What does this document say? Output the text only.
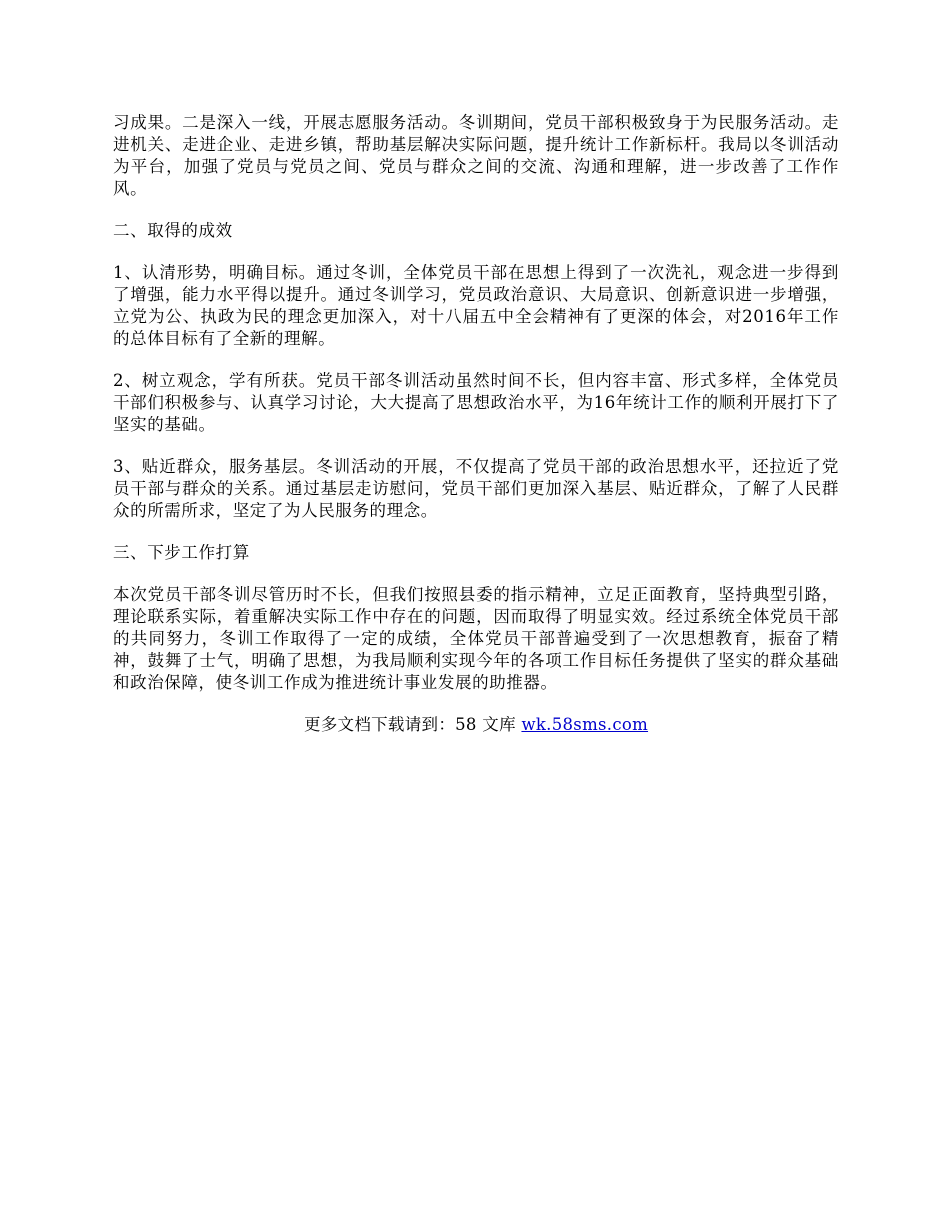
习成果。二是深入一线，开展志愿服务活动。冬训期间，党员干部积极致身于为民服务活动。走进机关、走进企业、走进乡镇，帮助基层解决实际问题，提升统计工作新标杆。我局以冬训活动为平台，加强了党员与党员之间、党员与群众之间的交流、沟通和理解，进一步改善了工作作风。

二、取得的成效

1、认清形势，明确目标。通过冬训，全体党员干部在思想上得到了一次洗礼，观念进一步得到了增强，能力水平得以提升。通过冬训学习，党员政治意识、大局意识、创新意识进一步增强，立党为公、执政为民的理念更加深入，对十八届五中全会精神有了更深的体会，对2016年工作的总体目标有了全新的理解。

2、树立观念，学有所获。党员干部冬训活动虽然时间不长，但内容丰富、形式多样，全体党员干部们积极参与、认真学习讨论，大大提高了思想政治水平，为16年统计工作的顺利开展打下了坚实的基础。

3、贴近群众，服务基层。冬训活动的开展，不仅提高了党员干部的政治思想水平，还拉近了党员干部与群众的关系。通过基层走访慰问，党员干部们更加深入基层、贴近群众，了解了人民群众的所需所求，坚定了为人民服务的理念。

三、下步工作打算

本次党员干部冬训尽管历时不长，但我们按照县委的指示精神，立足正面教育，坚持典型引路，理论联系实际，着重解决实际工作中存在的问题，因而取得了明显实效。经过系统全体党员干部的共同努力，冬训工作取得了一定的成绩，全体党员干部普遍受到了一次思想教育，振奋了精神，鼓舞了士气，明确了思想，为我局顺利实现今年的各项工作目标任务提供了坚实的群众基础和政治保障，使冬训工作成为推进统计事业发展的助推器。

更多文档下载请到：58 文库 wk.58sms.com
